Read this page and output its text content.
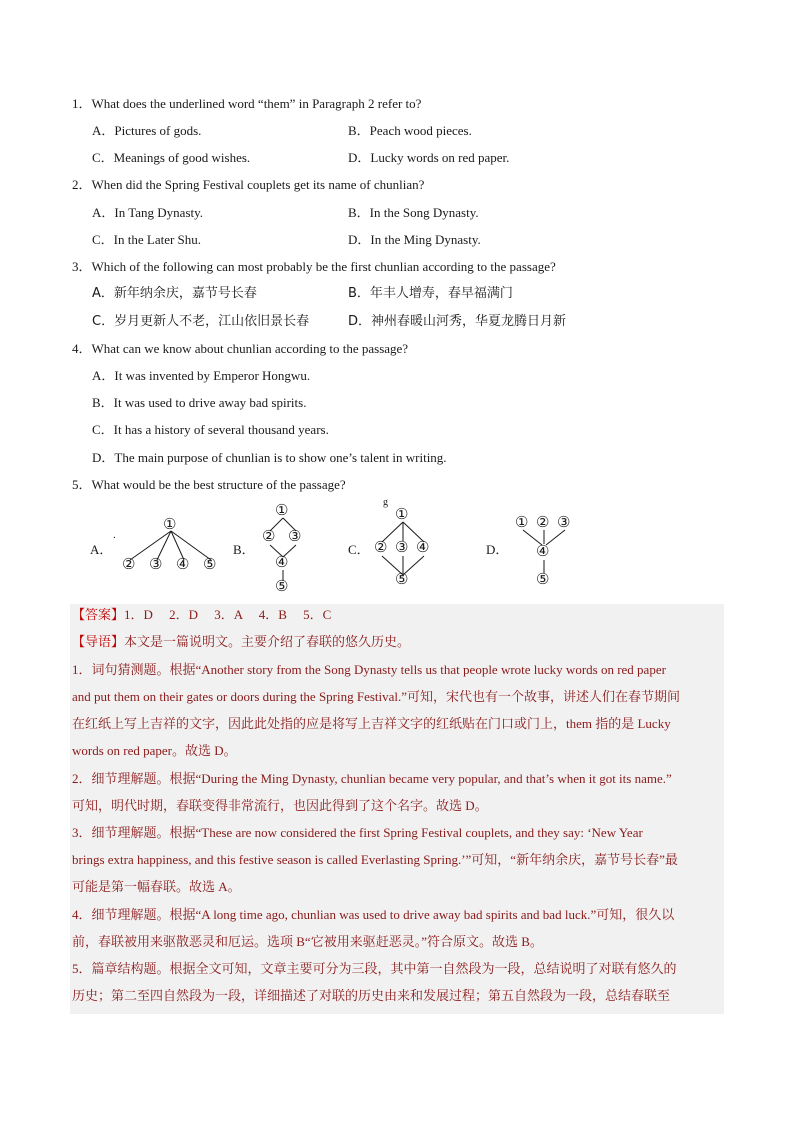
1．What does the underlined word “them” in Paragraph 2 refer to?
A．Pictures of gods.	B．Peach wood pieces.
C．Meanings of good wishes.	D．Lucky words on red paper.
2．When did the Spring Festival couplets get its name of chunlian?
A．In Tang Dynasty.	B．In the Song Dynasty.
C．In the Later Shu.	D．In the Ming Dynasty.
3．Which of the following can most probably be the first chunlian according to the passage?
A．新年纳余庆，嘉节号长春	B．年丰人增寿，春早福满门
C．岁月更新人不老，江山依旧景长春	D．神州春暖山河秀，华夏龙腾日月新
4．What can we know about chunlian according to the passage?
A．It was invented by Emperor Hongwu.
B．It was used to drive away bad spirits.
C．It has a history of several thousand years.
D．The main purpose of chunlian is to show one’s talent in writing.
5．What would be the best structure of the passage?
A．	B．	C．	D．
.
①
② ③ ④ ⑤
①
② ③
④
⑤
g
①
② ③ ④
⑤
① ② ③
④
⑤
【答案】1．D　 2．D　 3．A　 4．B　 5．C
【导语】本文是一篇说明文。主要介绍了春联的悠久历史。
1．词句猜测题。根据“Another story from the Song Dynasty tells us that people wrote lucky words on red paper
and put them on their gates or doors during the Spring Festival.”可知，宋代也有一个故事，讲述人们在春节期间
在红纸上写上吉祥的文字，因此此处指的应是将写上吉祥文字的红纸贴在门口或门上，them 指的是 Lucky
words on red paper。故选 D。
2．细节理解题。根据“During the Ming Dynasty, chunlian became very popular, and that’s when it got its name.”
可知，明代时期，春联变得非常流行，也因此得到了这个名字。故选 D。
3．细节理解题。根据“These are now considered the first Spring Festival couplets, and they say: ‘New Year
brings extra happiness, and this festive season is called Everlasting Spring.’”可知，“新年纳余庆，嘉节号长春”最
可能是第一幅春联。故选 A。
4．细节理解题。根据“A long time ago, chunlian was used to drive away bad spirits and bad luck.”可知，很久以
前，春联被用来驱散恶灵和厄运。选项 B“它被用来驱赶恶灵。”符合原文。故选 B。
5．篇章结构题。根据全文可知，文章主要可分为三段，其中第一自然段为一段，总结说明了对联有悠久的
历史；第二至四自然段为一段，详细描述了对联的历史由来和发展过程；第五自然段为一段，总结春联至
